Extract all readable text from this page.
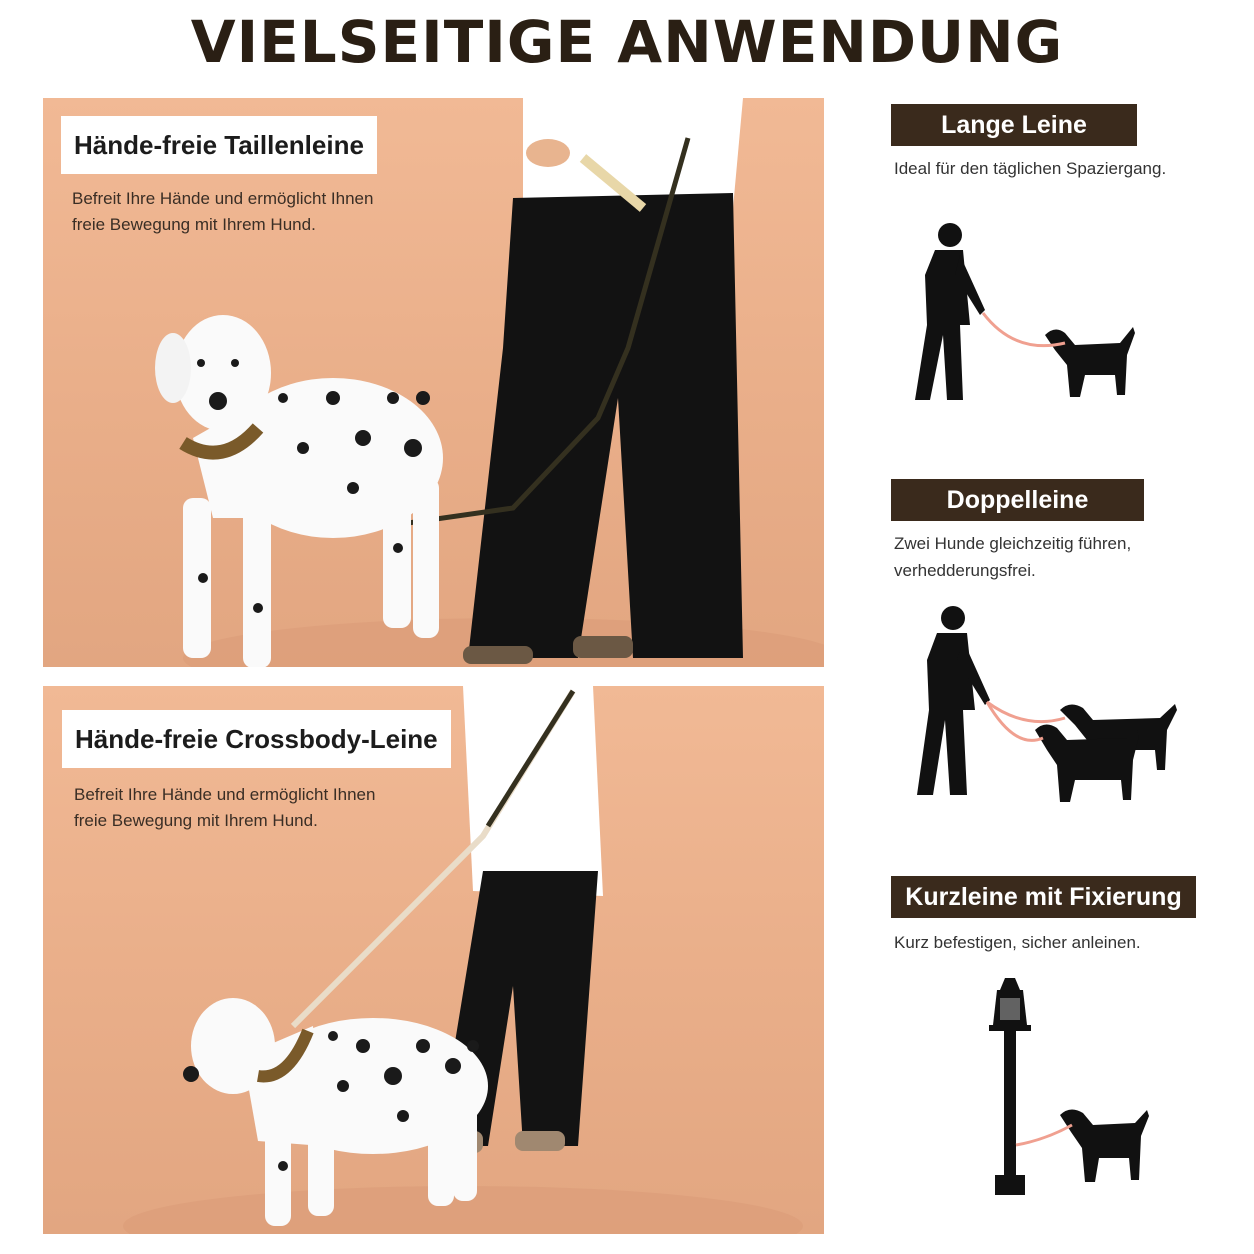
VIELSEITIGE ANWENDUNG
Hände-freie Taillenleine
Befreit Ihre Hände und ermöglicht Ihnen freie Bewegung mit Ihrem Hund.
Hände-freie Crossbody-Leine
Befreit Ihre Hände und ermöglicht Ihnen freie Bewegung mit Ihrem Hund.
Lange Leine
Ideal für den täglichen Spaziergang.
Doppelleine
Zwei Hunde gleichzeitig führen, verhedderungsfrei.
Kurzleine mit Fixierung
Kurz befestigen, sicher anleinen.
